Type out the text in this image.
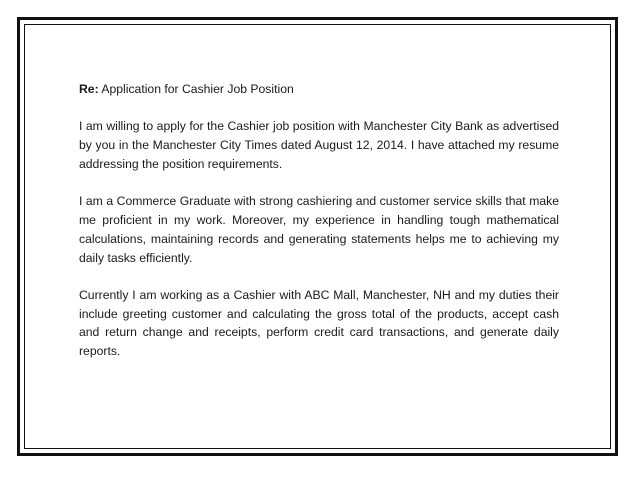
Re: Application for Cashier Job Position

I am willing to apply for the Cashier job position with Manchester City Bank as advertised by you in the Manchester City Times dated August 12, 2014. I have attached my resume addressing the position requirements.

I am a Commerce Graduate with strong cashiering and customer service skills that make me proficient in my work. Moreover, my experience in handling tough mathematical calculations, maintaining records and generating statements helps me to achieving my daily tasks efficiently.

Currently I am working as a Cashier with ABC Mall, Manchester, NH and my duties their include greeting customer and calculating the gross total of the products, accept cash and return change and receipts, perform credit card transactions, and generate daily reports.
